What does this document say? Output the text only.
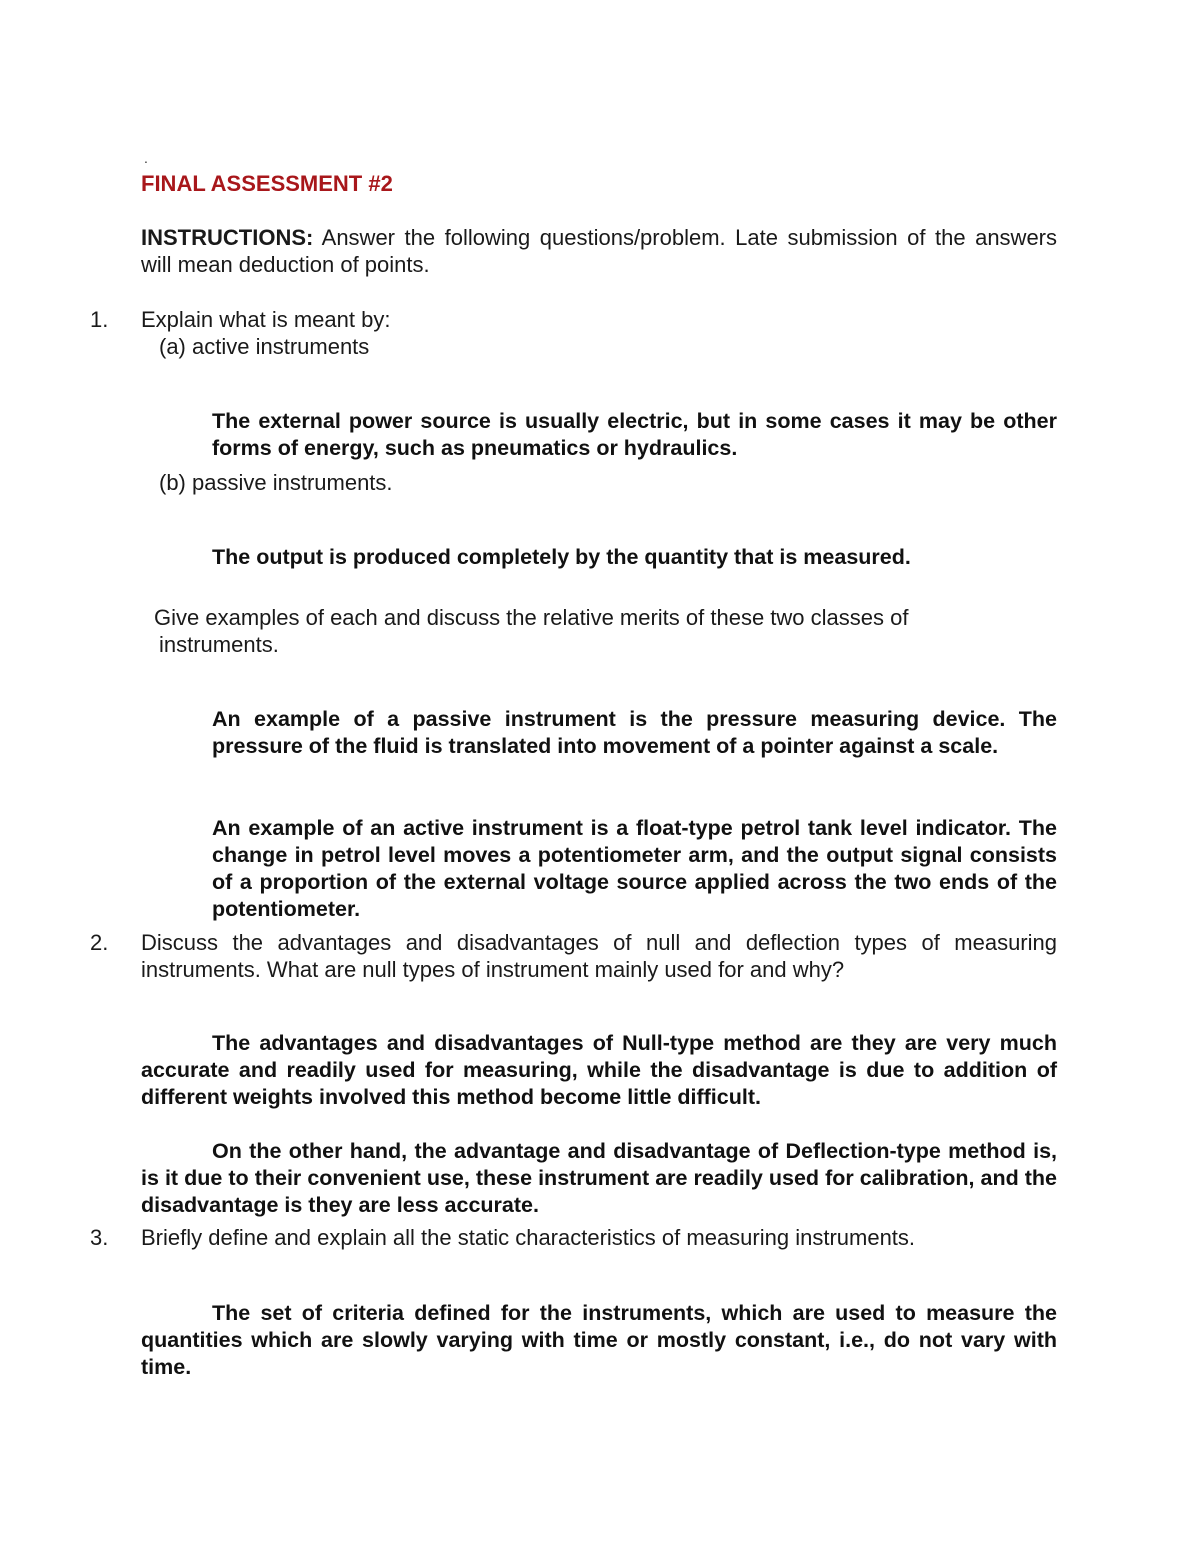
.
FINAL ASSESSMENT #2

INSTRUCTIONS: Answer the following questions/problem. Late submission of the answers will mean deduction of points.

1. Explain what is meant by:
(a) active instruments

The external power source is usually electric, but in some cases it may be other forms of energy, such as pneumatics or hydraulics.

(b) passive instruments.

The output is produced completely by the quantity that is measured.

Give examples of each and discuss the relative merits of these two classes of
instruments.

An example of a passive instrument is the pressure measuring device. The pressure of the fluid is translated into movement of a pointer against a scale.

An example of an active instrument is a float-type petrol tank level indicator. The change in petrol level moves a potentiometer arm, and the output signal consists of a proportion of the external voltage source applied across the two ends of the potentiometer.

2. Discuss the advantages and disadvantages of null and deflection types of measuring instruments. What are null types of instrument mainly used for and why?

The advantages and disadvantages of Null-type method are they are very much accurate and readily used for measuring, while the disadvantage is due to addition of different weights involved this method become little difficult.

On the other hand, the advantage and disadvantage of Deflection-type method is, is it due to their convenient use, these instrument are readily used for calibration, and the disadvantage is they are less accurate.

3. Briefly define and explain all the static characteristics of measuring instruments.

The set of criteria defined for the instruments, which are used to measure the quantities which are slowly varying with time or mostly constant, i.e., do not vary with time.
